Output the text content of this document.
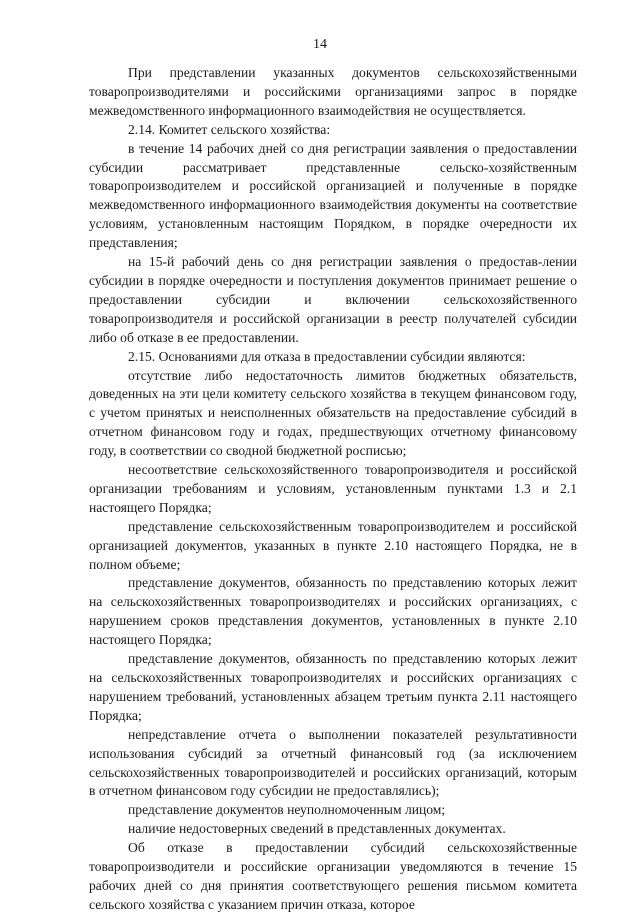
14

При представлении указанных документов сельскохозяйственными товаропроизводителями и российскими организациями запрос в порядке межведомственного информационного взаимодействия не осуществляется.

2.14. Комитет сельского хозяйства:

в течение 14 рабочих дней со дня регистрации заявления о предоставлении субсидии рассматривает представленные сельско-хозяйственным товаропроизводителем и российской организацией и полученные в порядке межведомственного информационного взаимодействия документы на соответствие условиям, установленным настоящим Порядком, в порядке очередности их представления;

на 15-й рабочий день со дня регистрации заявления о предостав-лении субсидии в порядке очередности и поступления документов принимает решение о предоставлении субсидии и включении сельскохозяйственного товаропроизводителя и российской организации в реестр получателей субсидии либо об отказе в ее предоставлении.

2.15. Основаниями для отказа в предоставлении субсидии являются:

отсутствие либо недостаточность лимитов бюджетных обязательств, доведенных на эти цели комитету сельского хозяйства в текущем финансовом году, с учетом принятых и неисполненных обязательств на предоставление субсидий в отчетном финансовом году и годах, предшествующих отчетному финансовому году, в соответствии со сводной бюджетной росписью;

несоответствие сельскохозяйственного товаропроизводителя и российской организации требованиям и условиям, установленным пунктами 1.3 и 2.1 настоящего Порядка;

представление сельскохозяйственным товаропроизводителем и российской организацией документов, указанных в пункте 2.10 настоящего Порядка, не в полном объеме;

представление документов, обязанность по представлению которых лежит на сельскохозяйственных товаропроизводителях и российских организациях, с нарушением сроков представления документов, установленных в пункте 2.10 настоящего Порядка;

представление документов, обязанность по представлению которых лежит на сельскохозяйственных товаропроизводителях и российских организациях с нарушением требований, установленных абзацем третьим пункта 2.11 настоящего Порядка;

непредставление отчета о выполнении показателей результативности использования субсидий за отчетный финансовый год (за исключением сельскохозяйственных товаропроизводителей и российских организаций, которым в отчетном финансовом году субсидии не предоставлялись);

представление документов неуполномоченным лицом;

наличие недостоверных сведений в представленных документах.

Об отказе в предоставлении субсидий сельскохозяйственные товаропроизводители и российские организации уведомляются в течение 15 рабочих дней со дня принятия соответствующего решения письмом комитета сельского хозяйства с указанием причин отказа, которое
